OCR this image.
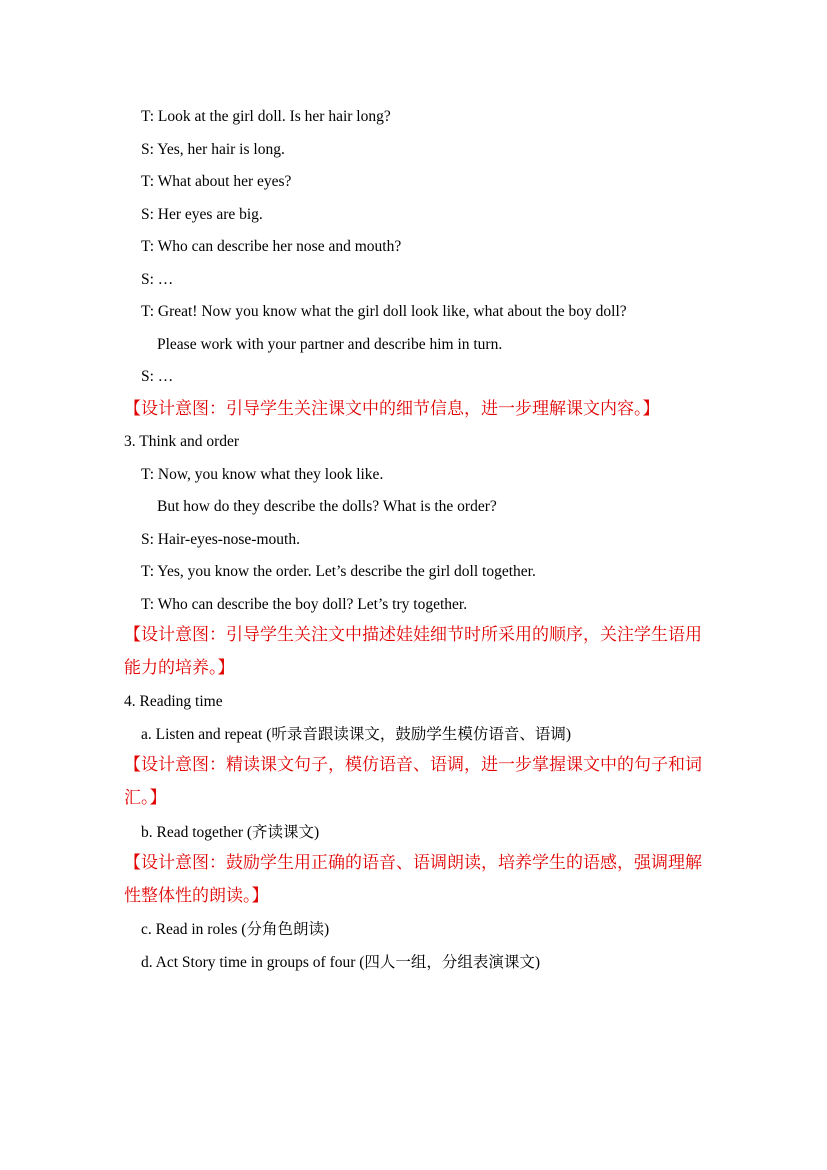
T: Look at the girl doll. Is her hair long?
S: Yes, her hair is long.
T: What about her eyes?
S: Her eyes are big.
T: Who can describe her nose and mouth?
S: …
T: Great! Now you know what the girl doll look like, what about the boy doll?
Please work with your partner and describe him in turn.
S: …
【设计意图：引导学生关注课文中的细节信息，进一步理解课文内容。】
3. Think and order
T: Now, you know what they look like.
But how do they describe the dolls? What is the order?
S: Hair-eyes-nose-mouth.
T: Yes, you know the order. Let’s describe the girl doll together.
T: Who can describe the boy doll? Let’s try together.
【设计意图：引导学生关注文中描述娃娃细节时所采用的顺序，关注学生语用能力的培养。】
4. Reading time
a. Listen and repeat (听录音跟读课文，鼓励学生模仿语音、语调)
【设计意图：精读课文句子，模仿语音、语调，进一步掌握课文中的句子和词汇。】
b. Read together (齐读课文)
【设计意图：鼓励学生用正确的语音、语调朗读，培养学生的语感，强调理解性整体性的朗读。】
c. Read in roles (分角色朗读)
d. Act Story time in groups of four (四人一组，分组表演课文)
